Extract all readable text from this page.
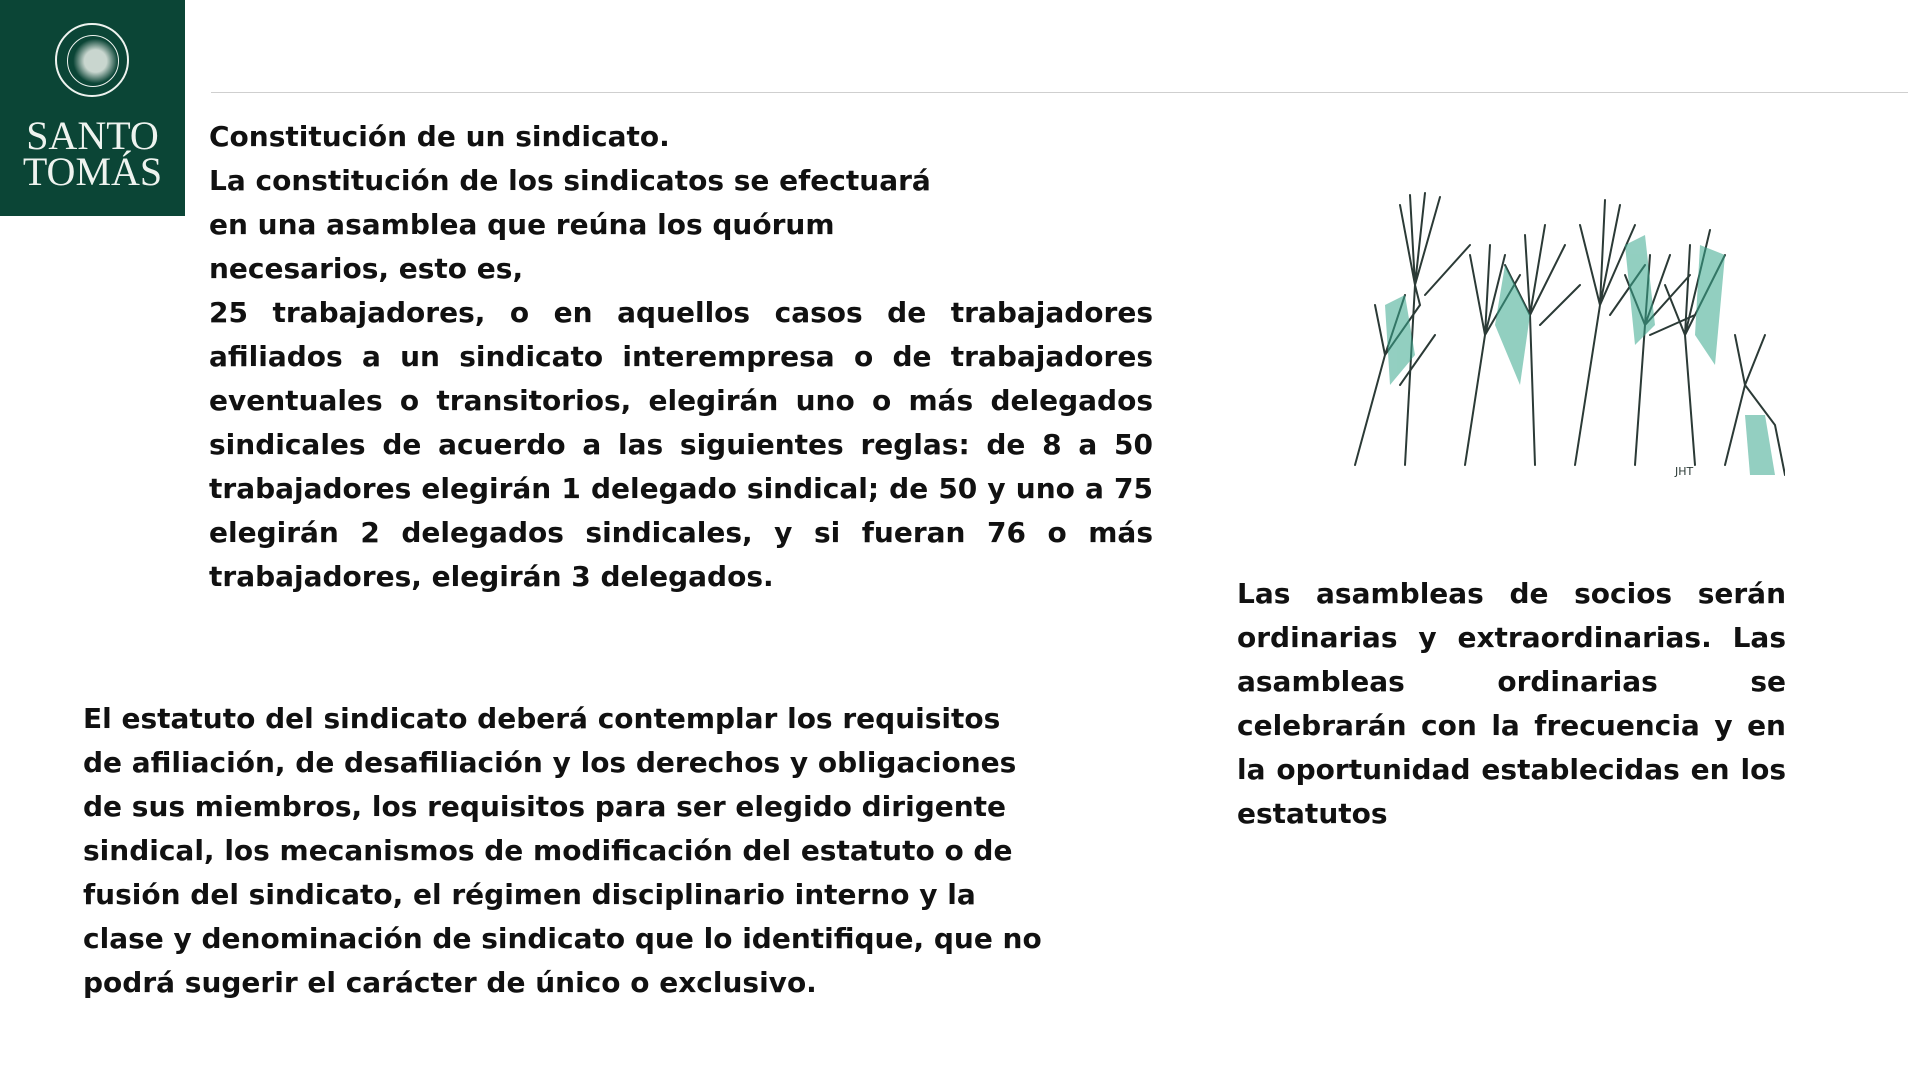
SANTO
TOMÁS

Constitución de un sindicato.

La constitución de los sindicatos se efectuará en una asamblea que reúna los quórum necesarios, esto es,

25 trabajadores, o en aquellos casos de trabajadores afiliados a un sindicato interempresa o de trabajadores eventuales o transitorios, elegirán uno o más delegados sindicales de acuerdo a las siguientes reglas: de 8 a 50 trabajadores elegirán 1 delegado sindical; de 50 y uno a 75 elegirán 2 delegados sindicales, y si fueran 76 o más trabajadores, elegirán 3 delegados.

JHT
Las asambleas de socios serán ordinarias y extraordinarias. Las asambleas ordinarias se celebrarán con la frecuencia y en la oportunidad establecidas en los estatutos
El estatuto del sindicato deberá contemplar los requisitos de afiliación, de desafiliación y los derechos y obligaciones de sus miembros, los requisitos para ser elegido dirigente sindical, los mecanismos de modificación del estatuto o de fusión del sindicato, el régimen disciplinario interno y la clase y denominación de sindicato que lo identifique, que no podrá sugerir el carácter de único o exclusivo.
